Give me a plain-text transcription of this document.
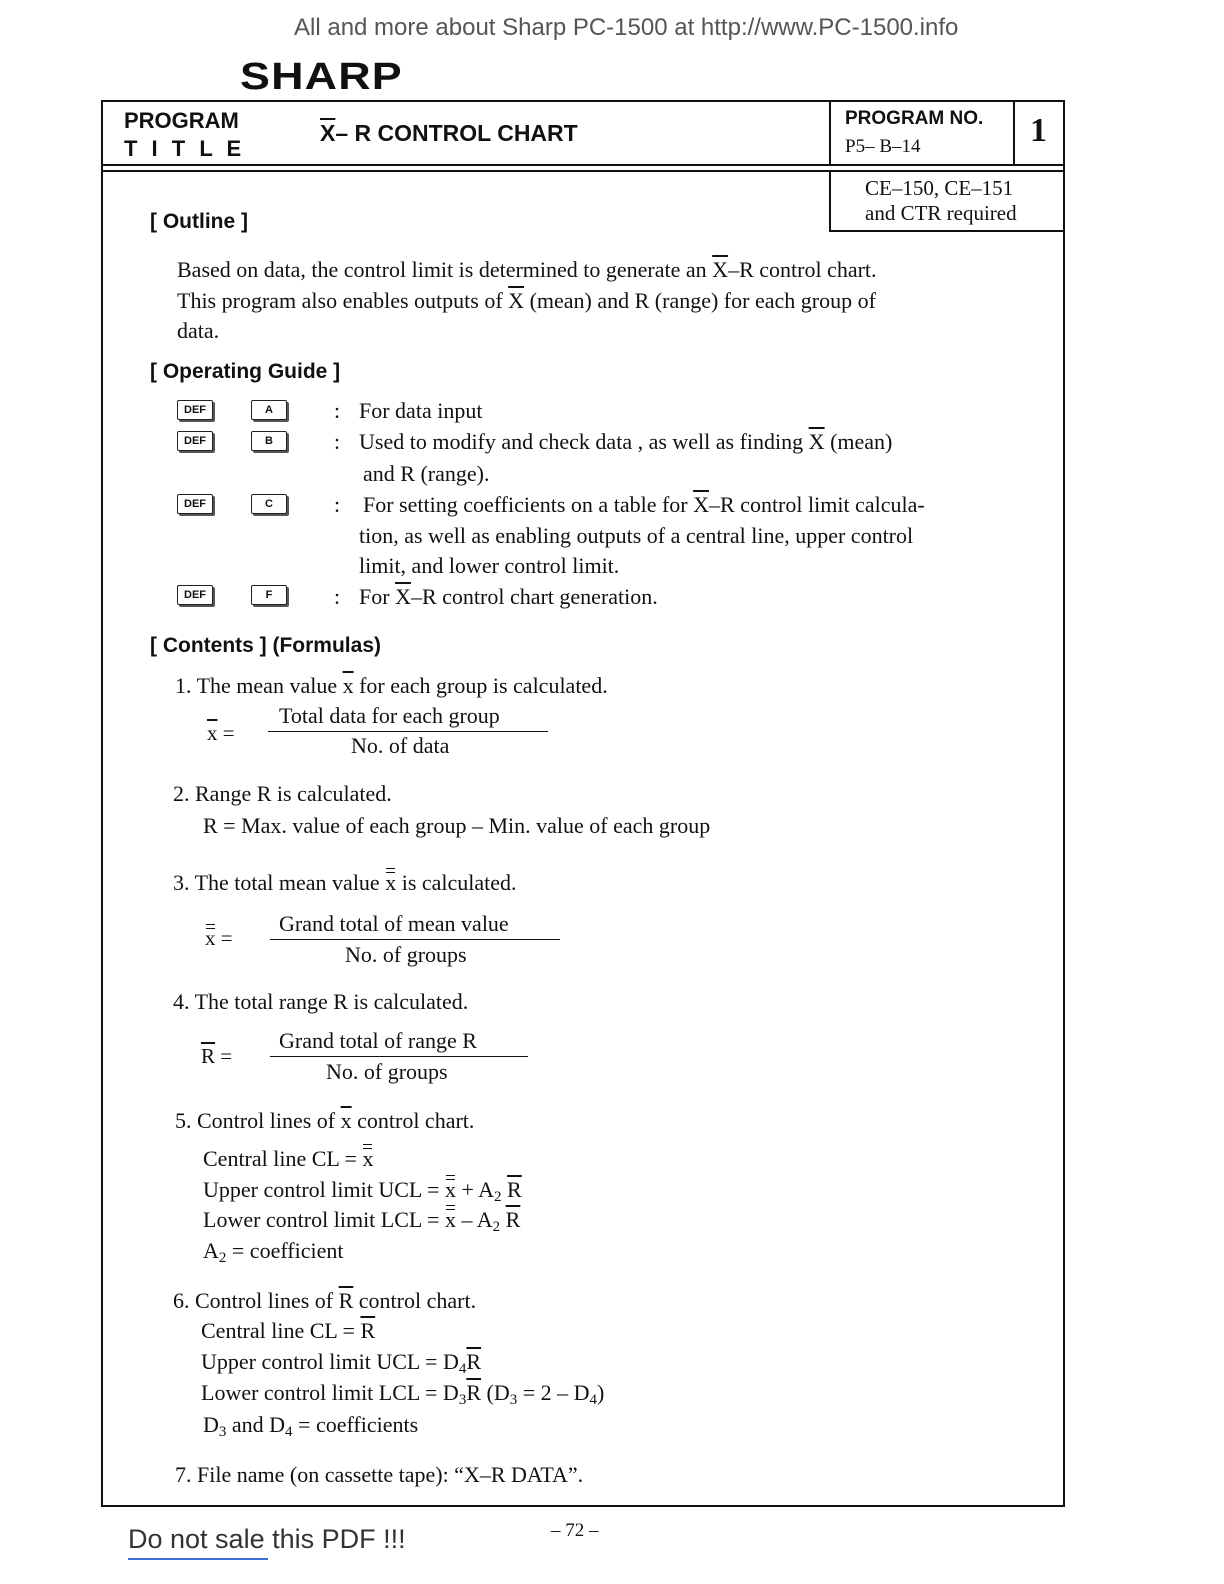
All and more about Sharp PC-1500 at http://www.PC-1500.info
SHARP
PROGRAM
T I T L E
$\overline{X}-$ R CONTROL CHART
PROGRAM NO.
P5– B–14	1
CE–150, CE–151
and CTR required
[ Outline ]
Based on data, the control limit is determined to generate an $\overline{X}-R$ control chart.
This program also enables outputs of $\overline{X}$ (mean) and R (range) for each group of
data.
[ Operating Guide ]
DEF	A	: For data input
DEF	B	: Used to modify and check data , as well as finding $\overline{X}$ (mean)
and R (range).
DEF	C	: For setting coefficients on a table for $\overline{X}-R$ control limit calcula-
tion, as well as enabling outputs of a central line, upper control
limit, and lower control limit.
DEF	F	: For $\overline{X}-R$ control chart generation.
[ Contents ] (Formulas)
1. The mean value $\overline{x}$ for each group is calculated.
$\overline{x}$ =
Total data for each group
No. of data
2. Range R is calculated.
R = Max. value of each group – Min. value of each group
3. The total mean value x is calculated.
x =
Grand total of mean value
No. of groups
4. The total range R is calculated.
$\overline{R}$ =
Grand total of range R
No. of groups
5. Control lines of $\overline{x}$ control chart.
Central line CL = x
Upper control limit UCL = $x + A_2$ $\overline{R}$
Lower control limit LCL = x – $A_2$ $\overline{R}$
$A_2$ = coefficient
6. Control lines of $\overline{R}$ control chart.
Central line CL = $\overline{R}$
Upper control limit UCL = $D_4\overline{R}$
Lower control limit LCL = $D_3\overline{R}$ $(D_3 = 2 - D_4)$
$D_3$ and $D_4$ = coefficients
7. File name (on cassette tape): “X–R DATA”.
– 72 –
Do not sale this PDF !!!
